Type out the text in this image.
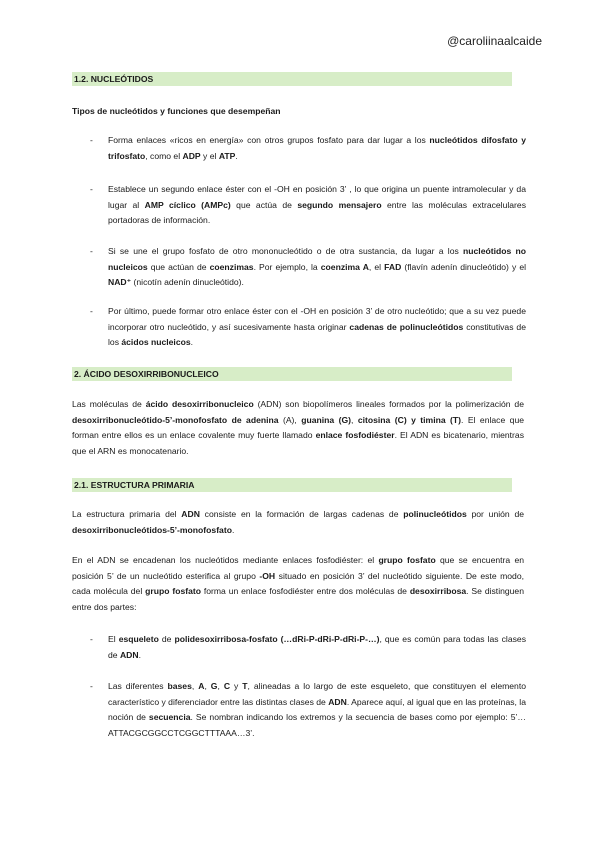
@caroliinaalcaide
1.2. NUCLEÓTIDOS
Tipos de nucleótidos y funciones que desempeñan
- Forma enlaces «ricos en energía» con otros grupos fosfato para dar lugar a los nucleótidos difosfato y trifosfato, como el ADP y el ATP.
- Establece un segundo enlace éster con el -OH en posición 3’ , lo que origina un puente intramolecular y da lugar al AMP cíclico (AMPc) que actúa de segundo mensajero entre las moléculas extracelulares portadoras de información.
- Si se une el grupo fosfato de otro mononucleótido o de otra sustancia, da lugar a los nucleótidos no nucleicos que actúan de coenzimas. Por ejemplo, la coenzima A, el FAD (flavín adenín dinucleótido) y el NAD⁺ (nicotín adenín dinucleótido).
- Por último, puede formar otro enlace éster con el -OH en posición 3’ de otro nucleótido; que a su vez puede incorporar otro nucleótido, y así sucesivamente hasta originar cadenas de polinucleótidos constitutivas de los ácidos nucleicos.
2. ÁCIDO DESOXIRRIBONUCLEICO
Las moléculas de ácido desoxirribonucleico (ADN) son biopolímeros lineales formados por la polimerización de desoxirribonucleótido-5’-monofosfato de adenina (A), guanina (G), citosina (C) y timina (T). El enlace que forman entre ellos es un enlace covalente muy fuerte llamado enlace fosfodiéster. El ADN es bicatenario, mientras que el ARN es monocatenario.
2.1. ESTRUCTURA PRIMARIA
La estructura primaria del ADN consiste en la formación de largas cadenas de polinucleótidos por unión de desoxirribonucleótidos-5’-monofosfato.
En el ADN se encadenan los nucleótidos mediante enlaces fosfodiéster: el grupo fosfato que se encuentra en posición 5’ de un nucleótido esterifica al grupo -OH situado en posición 3’ del nucleótido siguiente. De este modo, cada molécula del grupo fosfato forma un enlace fosfodiéster entre dos moléculas de desoxirribosa. Se distinguen entre dos partes:
- El esqueleto de polidesoxirribosa-fosfato (…dRi-P-dRi-P-dRi-P-…), que es común para todas las clases de ADN.
- Las diferentes bases, A, G, C y T, alineadas a lo largo de este esqueleto, que constituyen el elemento característico y diferenciador entre las distintas clases de ADN. Aparece aquí, al igual que en las proteínas, la noción de secuencia. Se nombran indicando los extremos y la secuencia de bases como por ejemplo: 5’…ATTACGCGGCCTCGGCTTTAAA…3’.
